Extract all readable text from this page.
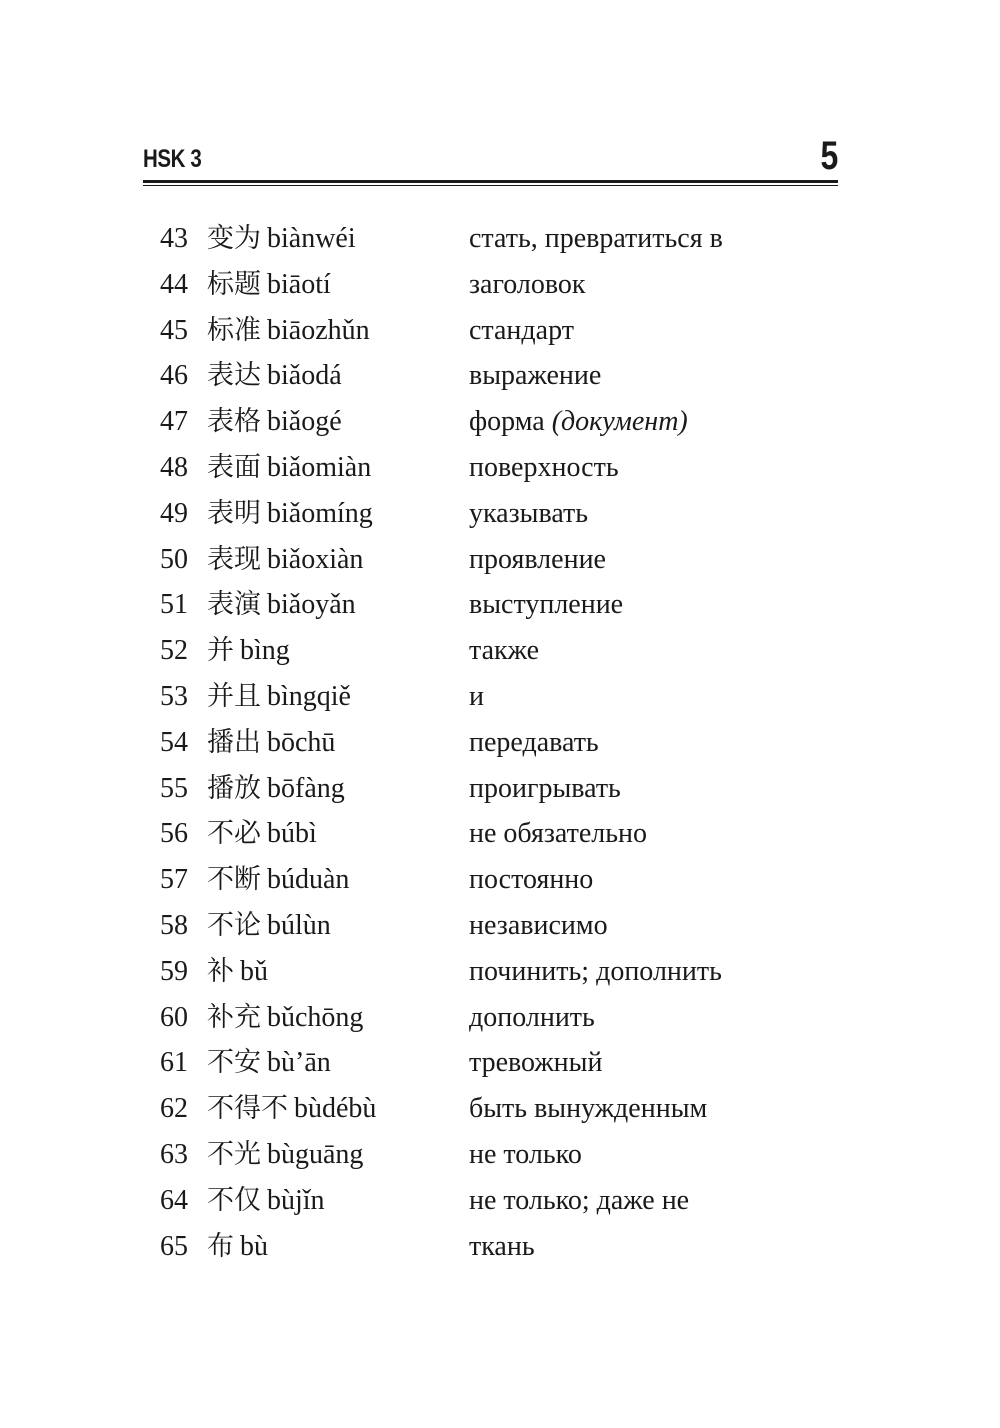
HSK 3	5
43 变为 biànwéi	стать, превратиться в
44 标题 biāotí	заголовок
45 标准 biāozhǔn	стандарт
46 表达 biǎodá	выражение
47 表格 biǎogé	форма (документ)
48 表面 biǎomiàn	поверхность
49 表明 biǎomíng	указывать
50 表现 biǎoxiàn	проявление
51 表演 biǎoyǎn	выступление
52 并 bìng	также
53 并且 bìngqiě	и
54 播出 bōchū	передавать
55 播放 bōfàng	проигрывать
56 不必 búbì	не обязательно
57 不断 búduàn	постоянно
58 不论 búlùn	независимо
59 补 bǔ	починить; дополнить
60 补充 bǔchōng	дополнить
61 不安 bù’ān	тревожный
62 不得不 bùdébù	быть вынужденным
63 不光 bùguāng	не только
64 不仅 bùjǐn	не только; даже не
65 布 bù	ткань
